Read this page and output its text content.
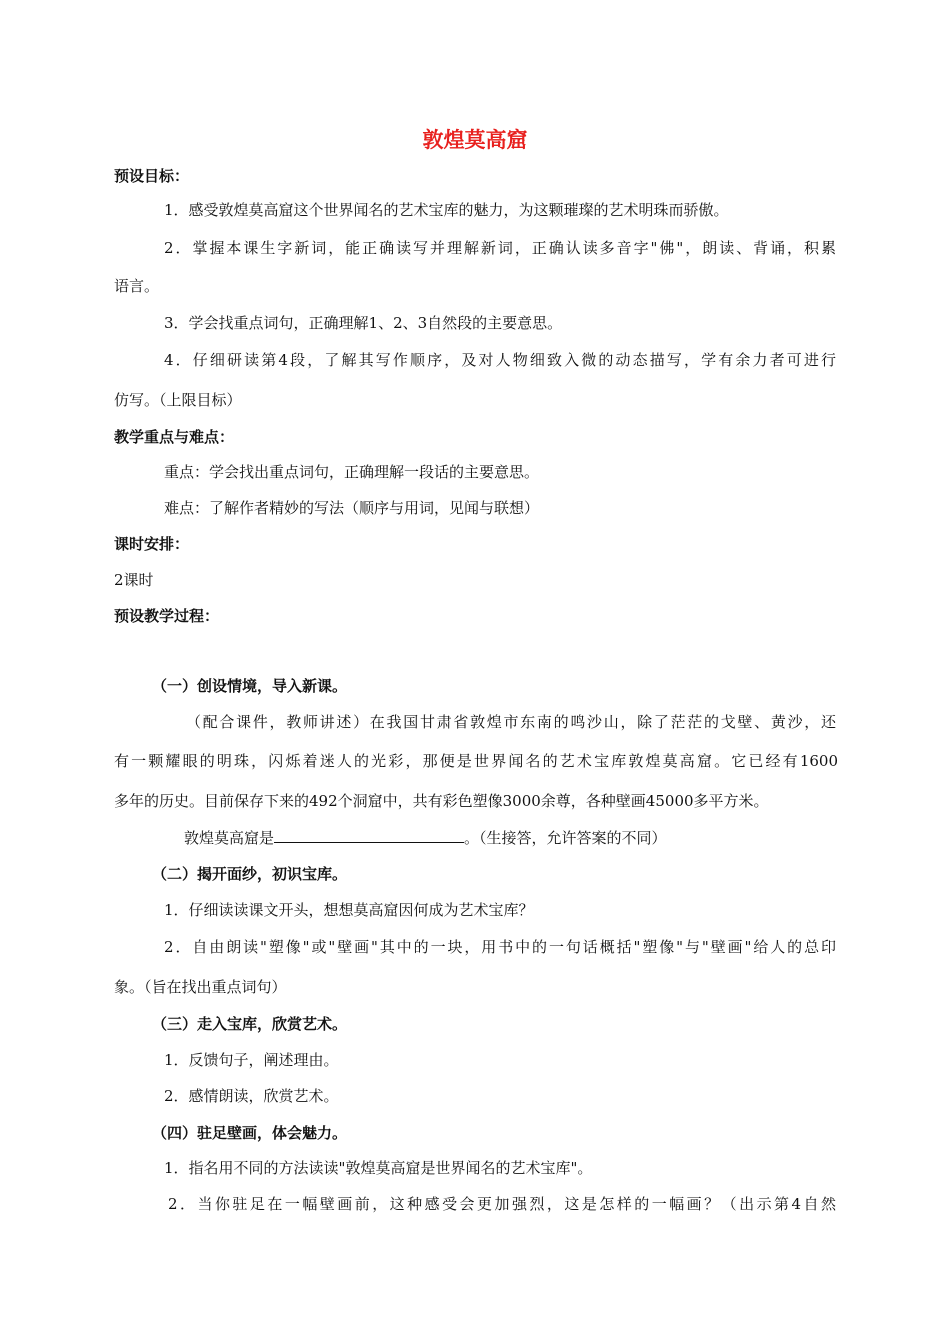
敦煌莫高窟
预设目标：
1．感受敦煌莫高窟这个世界闻名的艺术宝库的魅力，为这颗璀璨的艺术明珠而骄傲。
2．掌握本课生字新词，能正确读写并理解新词，正确认读多音字"佛"，朗读、背诵，积累
语言。
3．学会找重点词句，正确理解1、2、3自然段的主要意思。
4．仔细研读第4段，了解其写作顺序，及对人物细致入微的动态描写，学有余力者可进行
仿写。（上限目标）
教学重点与难点：
重点：学会找出重点词句，正确理解一段话的主要意思。
难点：了解作者精妙的写法（顺序与用词，见闻与联想）
课时安排：
2课时
预设教学过程：
（一）创设情境，导入新课。
（配合课件，教师讲述）在我国甘肃省敦煌市东南的鸣沙山，除了茫茫的戈壁、黄沙，还
有一颗耀眼的明珠，闪烁着迷人的光彩，那便是世界闻名的艺术宝库敦煌莫高窟。它已经有1600
多年的历史。目前保存下来的492个洞窟中，共有彩色塑像3000余尊，各种壁画45000多平方米。
敦煌莫高窟是	。（生接答，允许答案的不同）
（二）揭开面纱，初识宝库。
1．仔细读读课文开头，想想莫高窟因何成为艺术宝库？
2．自由朗读"塑像"或"壁画"其中的一块，用书中的一句话概括"塑像"与"壁画"给人的总印
象。（旨在找出重点词句）
（三）走入宝库，欣赏艺术。
1．反馈句子，阐述理由。
2．感情朗读，欣赏艺术。
（四）驻足壁画，体会魅力。
1．指名用不同的方法读读"敦煌莫高窟是世界闻名的艺术宝库"。
2．当你驻足在一幅壁画前，这种感受会更加强烈，这是怎样的一幅画？（出示第4自然
